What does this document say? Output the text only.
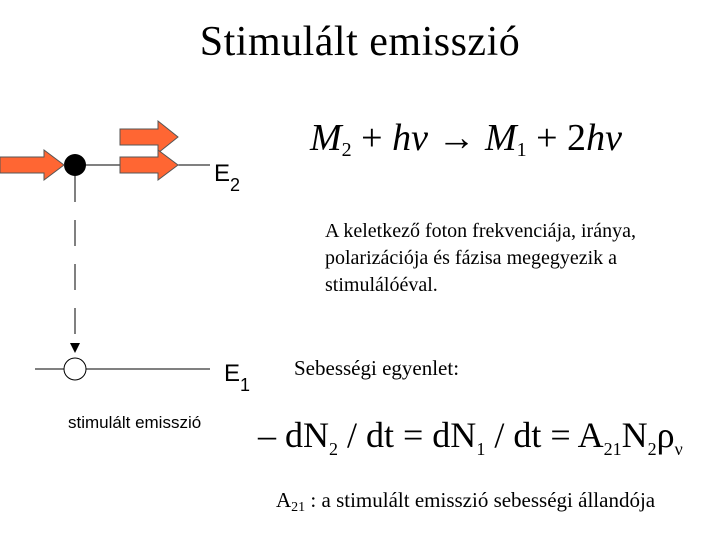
Stimulált emisszió
$E_2$
$E_1$
stimulált emisszió
$M_2 + h\nu \to M_1 + 2h\nu$
A keletkező foton frekvenciája, iránya, polarizációja és fázisa megegyezik a stimulálóéval.
Sebességi egyenlet:
– $dN_2$ / dt = $dN_1$ / dt = $A_{21}N_2\rho_\nu$
$A_{21}$ : a stimulált emisszió sebességi állandója
